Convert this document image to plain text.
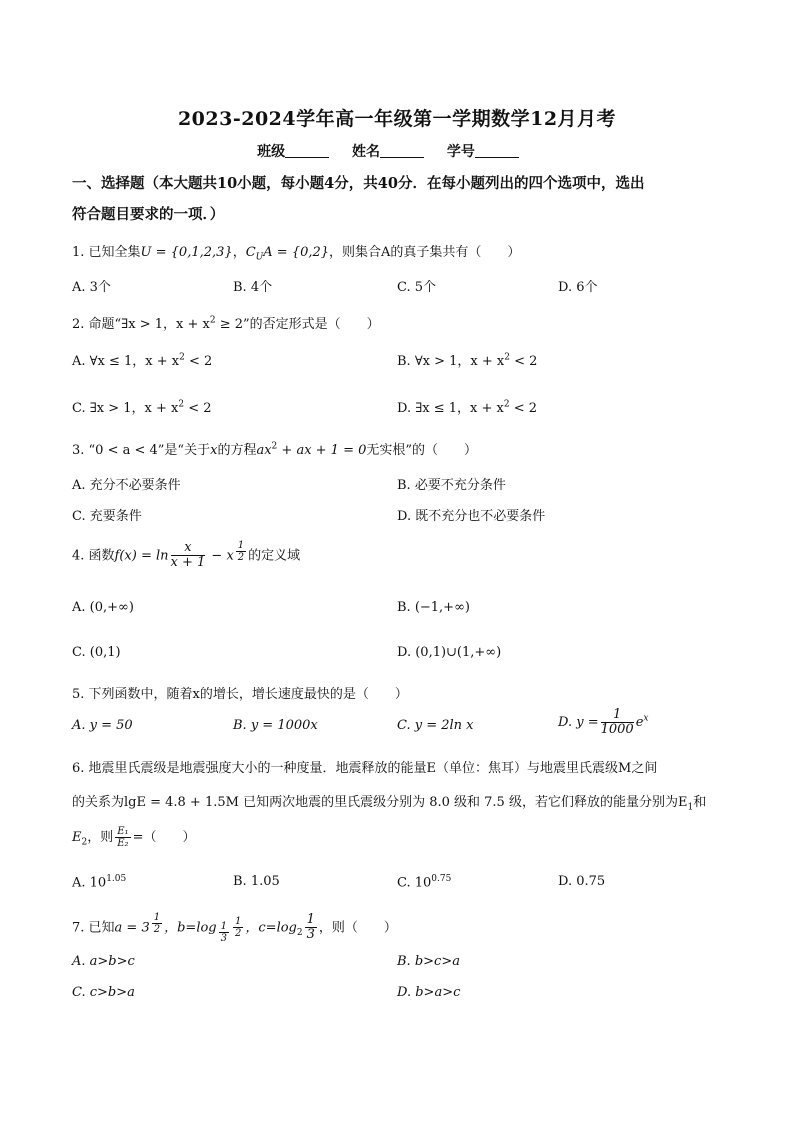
2023-2024学年高一年级第一学期数学12月月考
班级	姓名	学号
一、选择题（本大题共10小题，每小题4分，共40分．在每小题列出的四个选项中，选出
符合题目要求的一项．）
1. 已知全集U = {0,1,2,3}，$C_UA = \{0,2\}$，则集合A的真子集共有（　　）
A. 3个	B. 4个	C. 5个	D. 6个
2. 命题“∃x > 1，$x + x^2 \ge 2$”的否定形式是（　　）
A. ∀x ≤ 1，$x + x^2 < 2$	B. ∀x > 1，$x + x^2 < 2$
C. ∃x > 1，$x + x^2 < 2$	D. ∃x ≤ 1，$x + x^2 < 2$
3. “0 < a < 4”是“关于x的方程$ax^2$ + ax + 1 = 0无实根”的（　　）
A. 充分不必要条件	B. 必要不充分条件
C. 充要条件	D. 既不充分也不必要条件
4. 函数$f(x) = \ln \frac{x}{x + 1} - x$ $^{\frac{1}{2}}$ 的定义域
A. (0,+∞)	B. (−1,+∞)
C. (0,1)	D. (0,1)∪(1,+∞)
5. 下列函数中，随着x的增长，增长速度最快的是（　　）
A. y = 50	B. y = 1000x	C. y = 2ln x	D. $y = \frac{1}{1000} e^x$
6. 地震里氏震级是地震强度大小的一种度量．地震释放的能量E（单位：焦耳）与地震里氏震级M之间
的关系为lgE = 4.8 + 1.5M 已知两次地震的里氏震级分别为 8.0 级和 7.5 级，若它们释放的能量分别为$E_1$和
$E_2$，则 $\frac{\text{E₁}}{\text{E₂}}$ =（　　）
A. $10^{1.05}$	B. 1.05	C. $10^{0.75}$	D. 0.75
7. 已知a = 3 $^{\frac{1}{2}}$ ，b=log $_{\frac{1}{3}} \frac{1}{2}$ ，$c=\log_2 \frac{1}{3}$ ，则（　　）
A. a>b>c	B. b>c>a
C. c>b>a	D. b>a>c
